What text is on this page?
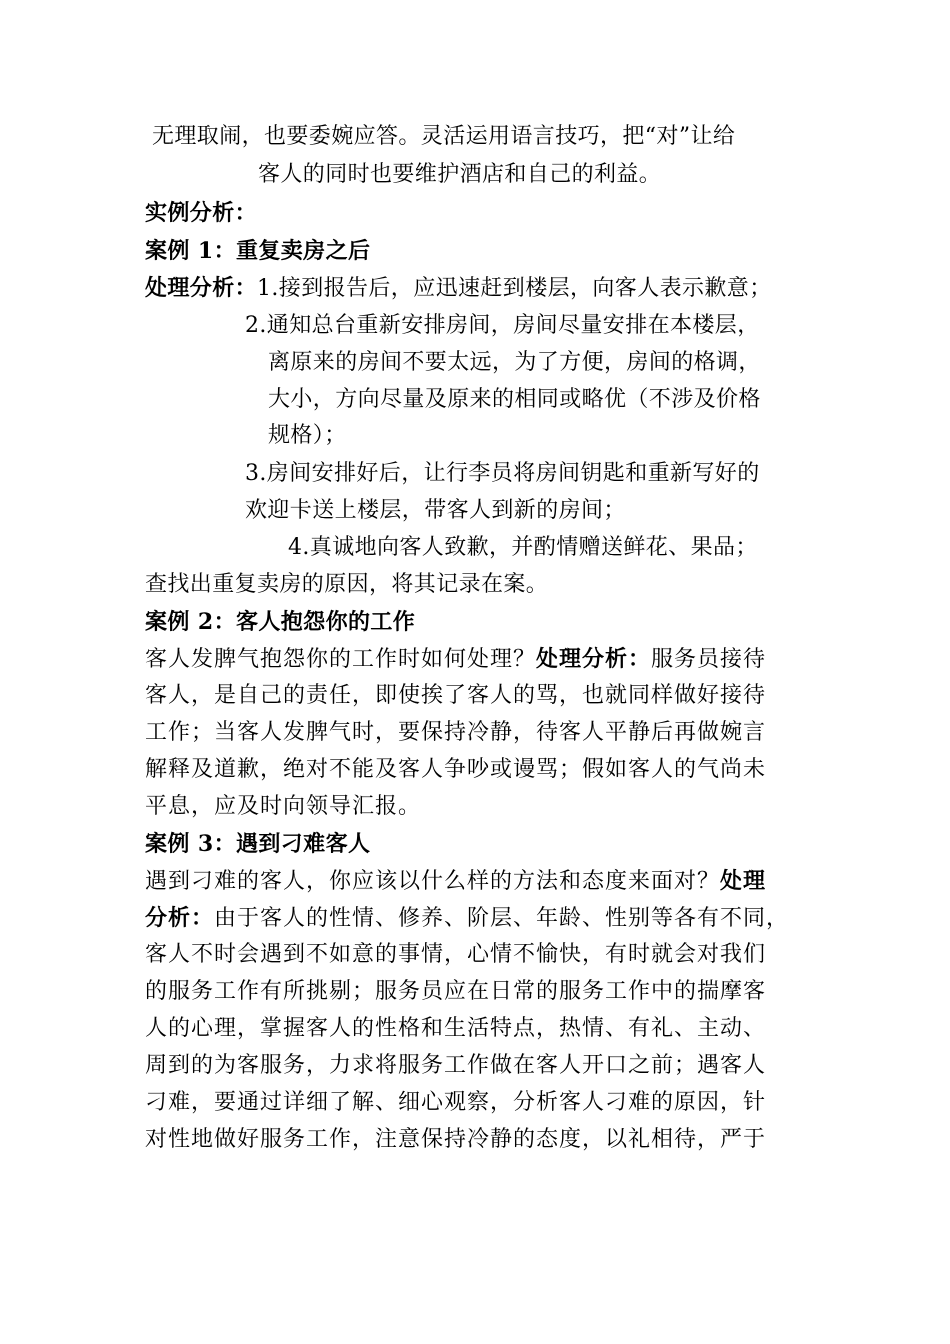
无理取闹，也要委婉应答。灵活运用语言技巧，把“对”让给
客人的同时也要维护酒店和自己的利益。
实例分析：
案例 1：重复卖房之后
处理分析：1.接到报告后，应迅速赶到楼层，向客人表示歉意；
2.通知总台重新安排房间，房间尽量安排在本楼层，
离原来的房间不要太远，为了方便，房间的格调，
大小，方向尽量及原来的相同或略优（不涉及价格
规格）；
3.房间安排好后，让行李员将房间钥匙和重新写好的
欢迎卡送上楼层，带客人到新的房间；
4.真诚地向客人致歉，并酌情赠送鲜花、果品；
查找出重复卖房的原因，将其记录在案。
案例 2：客人抱怨你的工作
客人发脾气抱怨你的工作时如何处理？处理分析：服务员接待
客人，是自己的责任，即使挨了客人的骂，也就同样做好接待
工作；当客人发脾气时，要保持冷静，待客人平静后再做婉言
解释及道歉，绝对不能及客人争吵或谩骂；假如客人的气尚未
平息，应及时向领导汇报。
案例 3：遇到刁难客人
遇到刁难的客人，你应该以什么样的方法和态度来面对？处理
分析：由于客人的性情、修养、阶层、年龄、性别等各有不同，
客人不时会遇到不如意的事情，心情不愉快，有时就会对我们
的服务工作有所挑剔；服务员应在日常的服务工作中的揣摩客
人的心理，掌握客人的性格和生活特点，热情、有礼、主动、
周到的为客服务，力求将服务工作做在客人开口之前；遇客人
刁难，要通过详细了解、细心观察，分析客人刁难的原因，针
对性地做好服务工作，注意保持冷静的态度，以礼相待，严于
